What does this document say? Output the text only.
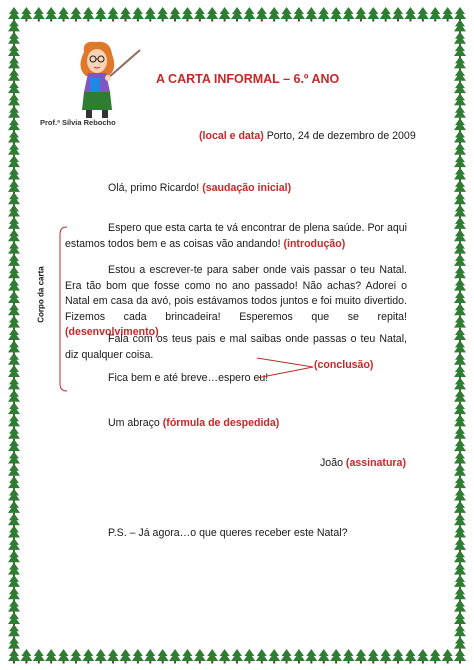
A CARTA INFORMAL – 6.º ANO
Prof.ª Sílvia Rebocho
(local e data) Porto, 24 de dezembro de 2009
Olá, primo Ricardo! (saudação inicial)
Espero que esta carta te vá encontrar de plena saúde. Por aqui estamos todos bem e as coisas vão andando! (introdução)
Estou a escrever-te para saber onde vais passar o teu Natal. Era tão bom que fosse como no ano passado! Não achas? Adorei o Natal em casa da avó, pois estávamos todos juntos e foi muito divertido. Fizemos cada brincadeira! Esperemos que se repita! (desenvolvimento)
Fala com os teus pais e mal saibas onde passas o teu Natal, diz qualquer coisa.
Fica bem e até breve…espero eu!
(conclusão)
Corpo da carta
Um abraço (fórmula de despedida)
João (assinatura)
P.S. – Já agora…o que queres receber este Natal?
